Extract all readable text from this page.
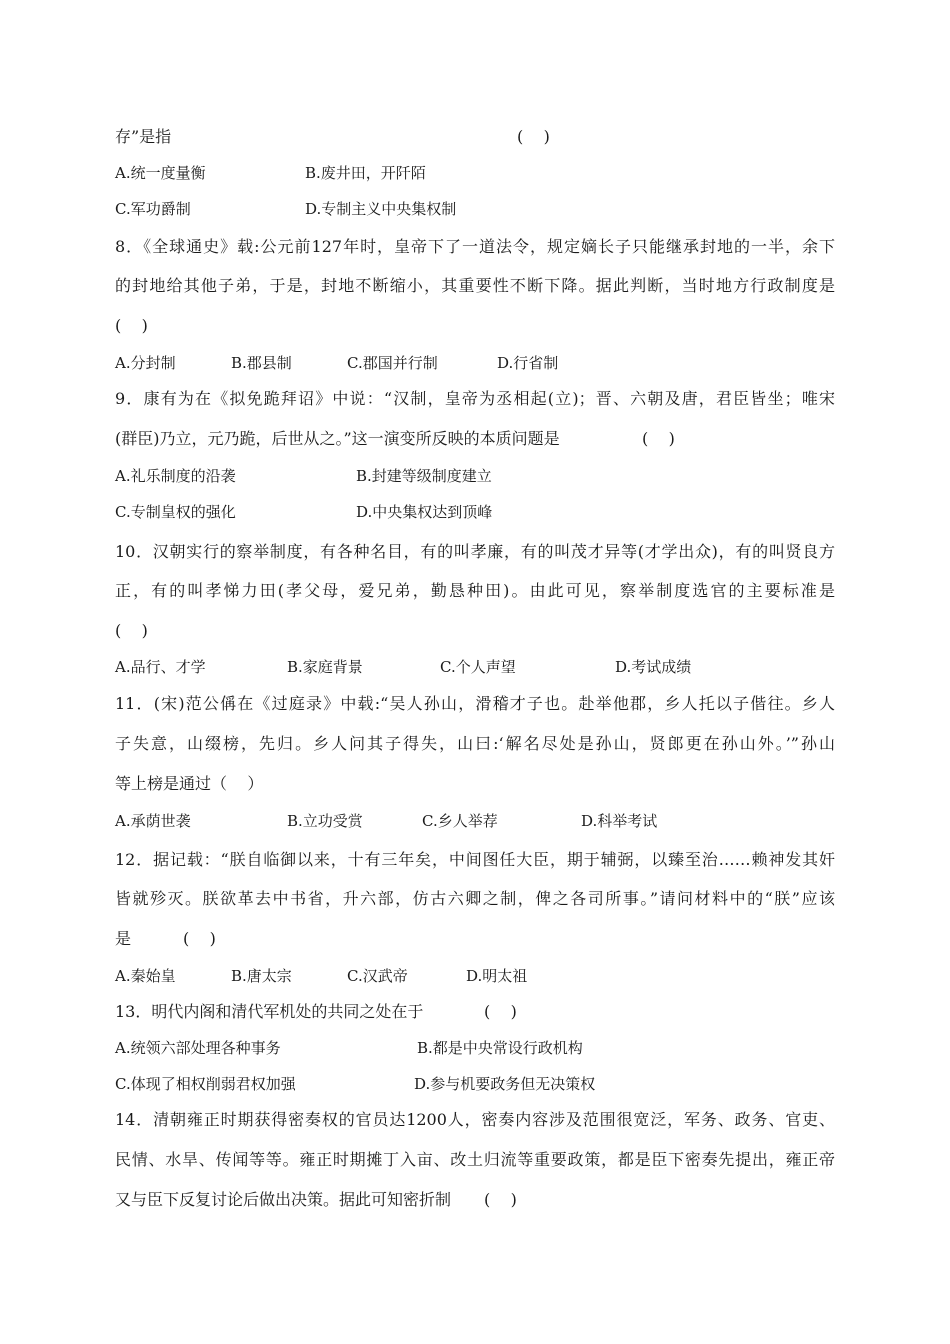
存”是指	(    )
A.统一度量衡	B.废井田，开阡陌
C.军功爵制	D.专制主义中央集权制
8．《全球通史》载:公元前127年时，皇帝下了一道法令，规定嫡长子只能继承封地的一半，余下
的封地给其他子弟，于是，封地不断缩小，其重要性不断下降。据此判断，当时地方行政制度是
(    )
A.分封制	B.郡县制	C.郡国并行制	D.行省制
9．康有为在《拟免跪拜诏》中说：“汉制，皇帝为丞相起(立)；晋、六朝及唐，君臣皆坐；唯宋
(群臣)乃立，元乃跪，后世从之。”这一演变所反映的本质问题是	(    )
A.礼乐制度的沿袭	B.封建等级制度建立
C.专制皇权的强化	D.中央集权达到顶峰
10．汉朝实行的察举制度，有各种名目，有的叫孝廉，有的叫茂才异等(才学出众)，有的叫贤良方
正，有的叫孝悌力田(孝父母，爱兄弟，勤恳种田)。由此可见，察举制度选官的主要标准是
(    )
A.品行、才学	B.家庭背景	C.个人声望	D.考试成绩
11．(宋)范公偁在《过庭录》中载:“吴人孙山，滑稽才子也。赴举他郡，乡人托以子偕往。乡人
子失意，山缀榜，先归。乡人问其子得失，山曰:‘解名尽处是孙山，贤郎更在孙山外。’”孙山
等上榜是通过（    ）
A.承荫世袭	B.立功受赏	C.乡人举荐	D.科举考试
12．据记载：“朕自临御以来，十有三年矣，中间图任大臣，期于辅弼，以臻至治……赖神发其奸
皆就殄灭。朕欲革去中书省，升六部，仿古六卿之制，俾之各司所事。”请问材料中的“朕”应该
是	(    )
A.秦始皇	B.唐太宗	C.汉武帝	D.明太祖
13．明代内阁和清代军机处的共同之处在于	(    )
A.统领六部处理各种事务	B.都是中央常设行政机构
C.体现了相权削弱君权加强	D.参与机要政务但无决策权
14．清朝雍正时期获得密奏权的官员达1200人，密奏内容涉及范围很宽泛，军务、政务、官吏、
民情、水旱、传闻等等。雍正时期摊丁入亩、改土归流等重要政策，都是臣下密奏先提出，雍正帝
又与臣下反复讨论后做出决策。据此可知密折制 (    )
